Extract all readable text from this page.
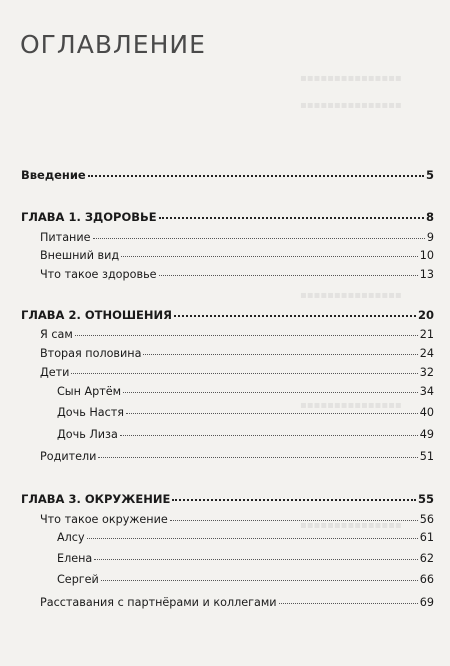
▪▪▪▪▪▪▪▪▪▪▪▪▪▪▪
▪▪▪▪▪▪▪▪▪▪▪▪▪▪▪
▪▪▪▪▪▪▪▪▪▪▪▪▪▪▪
▪▪▪▪▪▪▪▪▪▪▪▪▪▪▪
▪▪▪▪▪▪▪▪▪▪▪▪▪▪▪
ОГЛАВЛЕНИЕ
Введение	5
ГЛАВА 1. ЗДОРОВЬЕ	8
Питание	9
Внешний вид	10
Что такое здоровье	13
ГЛАВА 2. ОТНОШЕНИЯ	20
Я сам	21
Вторая половина	24
Дети	32
Сын Артём	34
Дочь Настя	40
Дочь Лиза	49
Родители	51
ГЛАВА 3. ОКРУЖЕНИЕ	55
Что такое окружение	56
Алсу	61
Елена	62
Сергей	66
Расставания с партнёрами и коллегами	69
